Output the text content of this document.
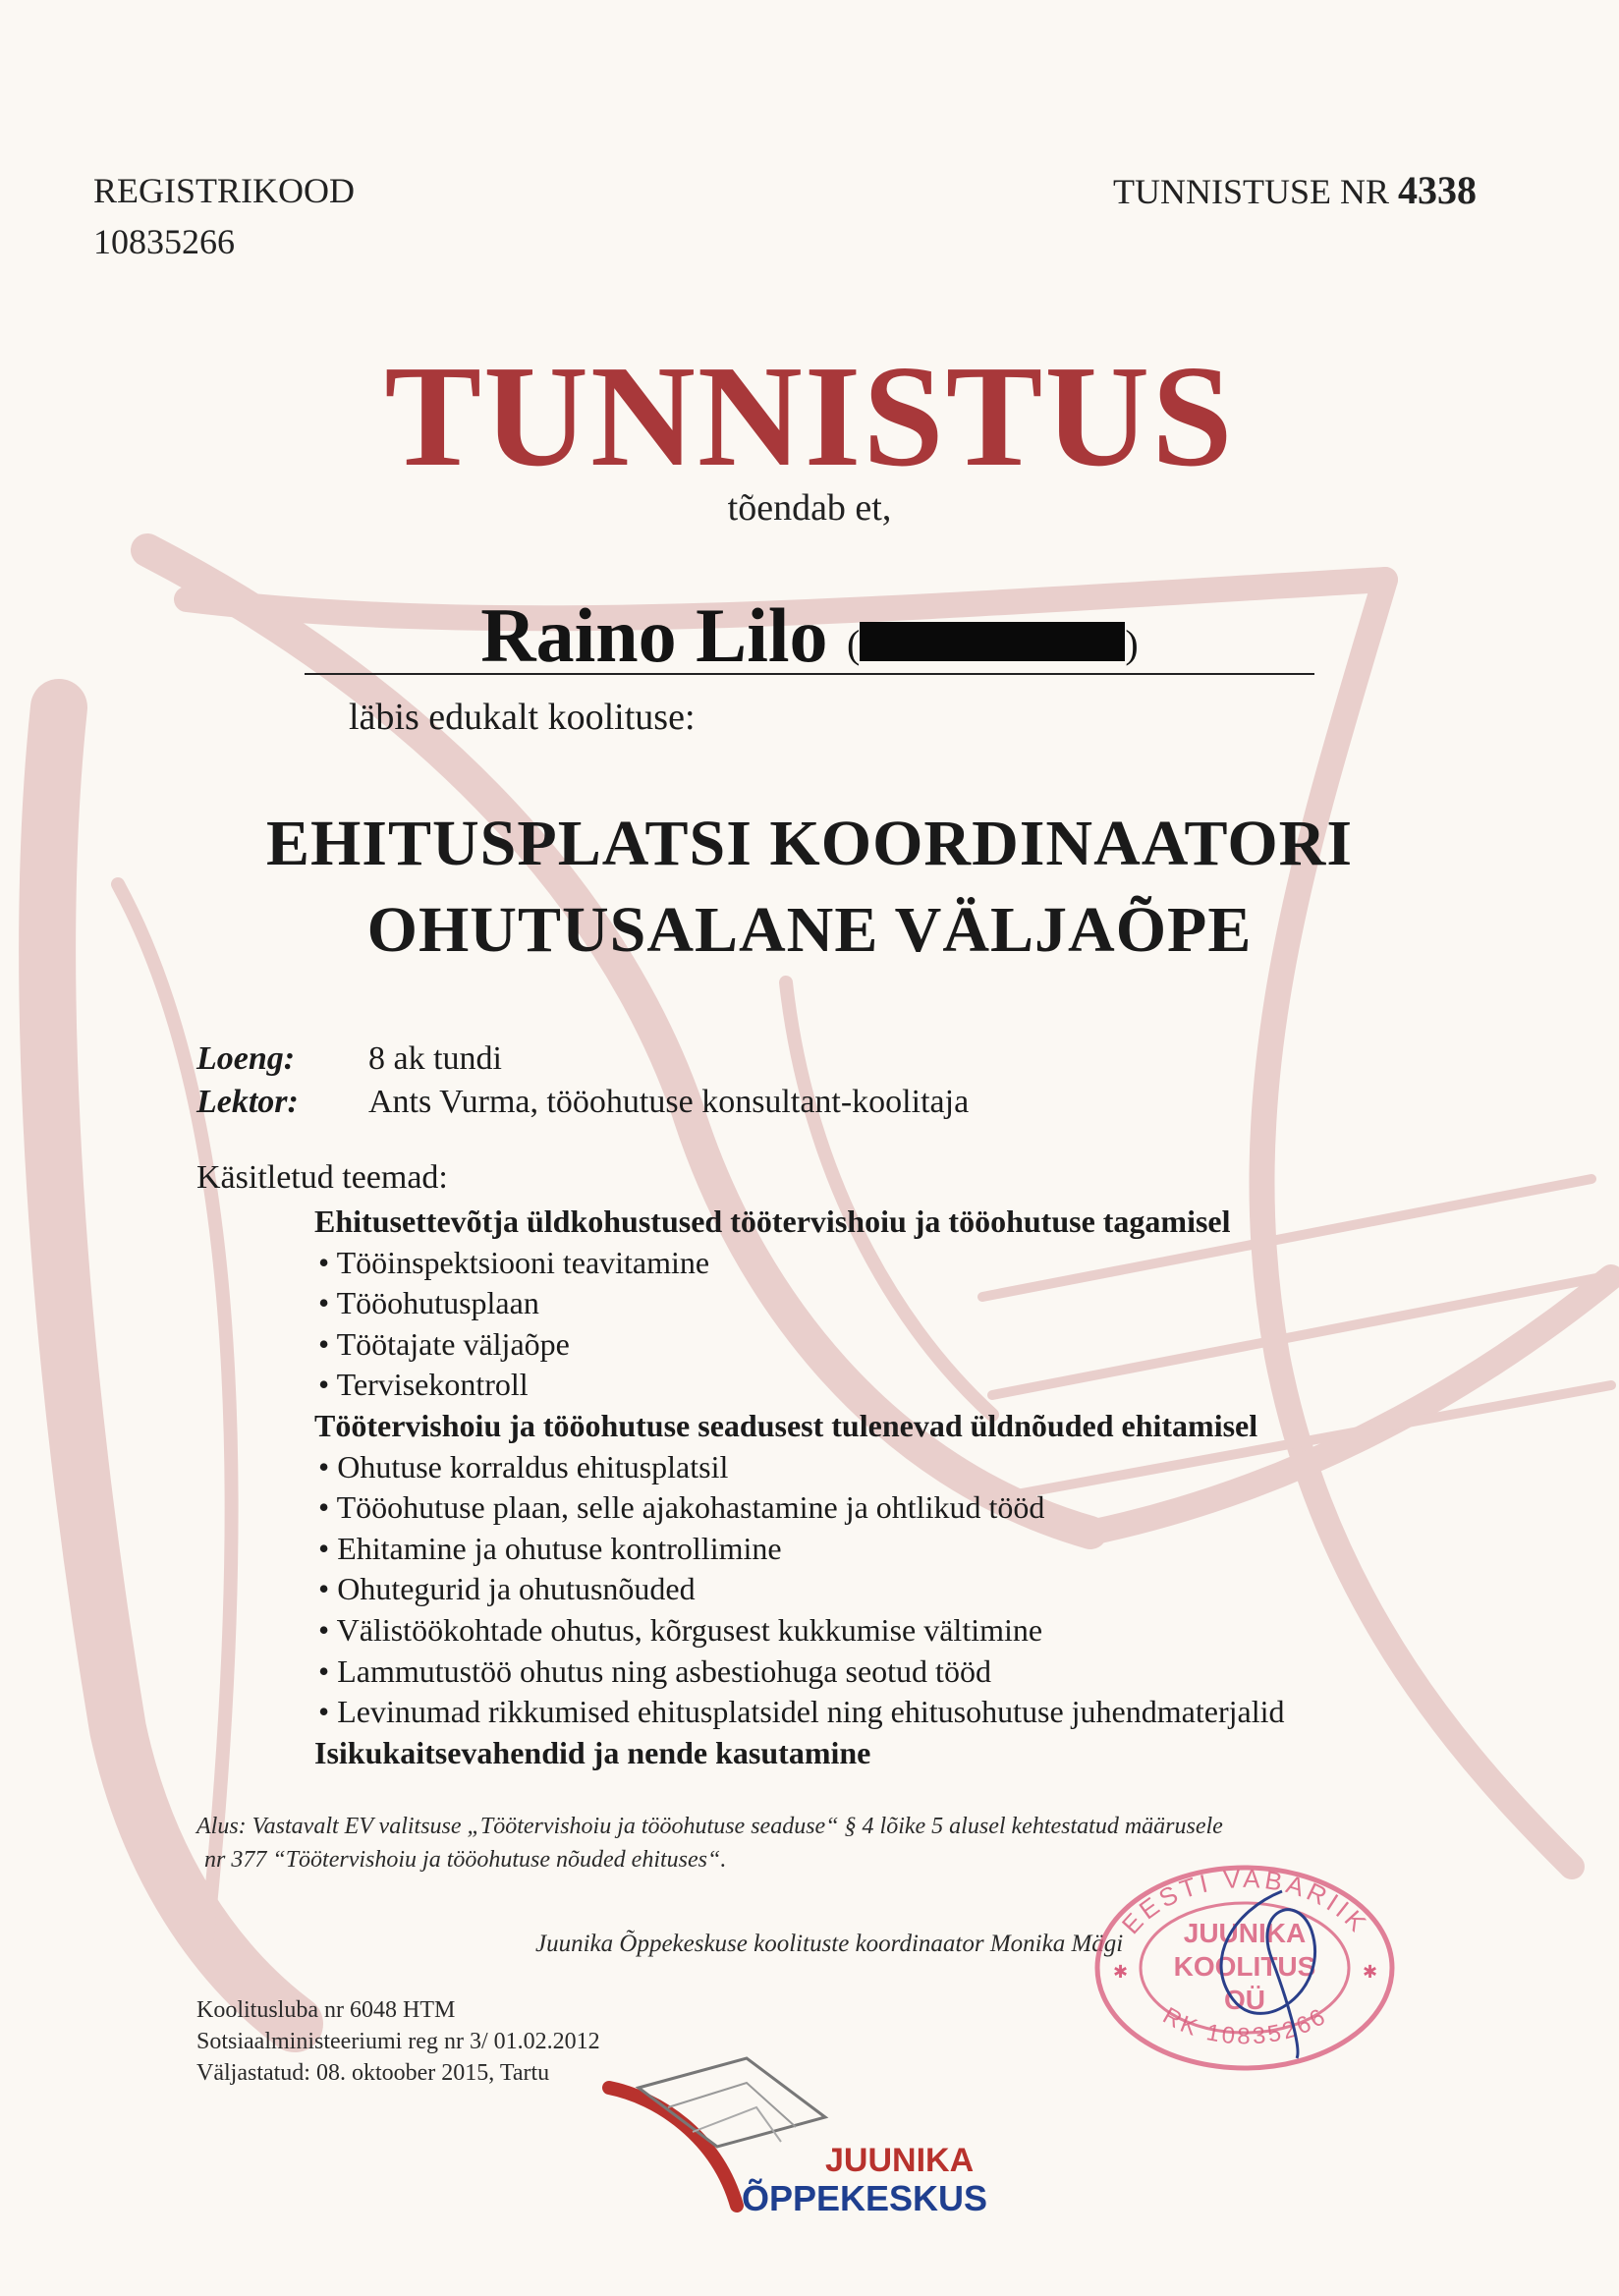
REGISTRIKOOD
10835266
TUNNISTUSE NR 4338
TUNNISTUS
tõendab et,
Raino Lilo (	)
läbis edukalt koolituse:
EHITUSPLATSI KOORDINAATORI
OHUTUSALANE VÄLJAÕPE
Loeng: 8 ak tundi
Lektor: Ants Vurma, tööohutuse konsultant-koolitaja
Käsitletud teemad:
Ehitusettevõtja üldkohustused töötervishoiu ja tööohutuse tagamisel
• Tööinspektsiooni teavitamine
• Tööohutusplaan
• Töötajate väljaõpe
• Tervisekontroll
Töötervishoiu ja tööohutuse seadusest tulenevad üldnõuded ehitamisel
• Ohutuse korraldus ehitusplatsil
• Tööohutuse plaan, selle ajakohastamine ja ohtlikud tööd
• Ehitamine ja ohutuse kontrollimine
• Ohutegurid ja ohutusnõuded
• Välistöökohtade ohutus, kõrgusest kukkumise vältimine
• Lammutustöö ohutus ning asbestiohuga seotud tööd
• Levinumad rikkumised ehitusplatsidel ning ehitusohutuse juhendmaterjalid
Isikukaitsevahendid ja nende kasutamine
Alus: Vastavalt EV valitsuse „Töötervishoiu ja tööohutuse seaduse“ § 4 lõike 5 alusel kehtestatud määrusele
nr 377 “Töötervishoiu ja tööohutuse nõuded ehituses“.
Juunika Õppekeskuse koolituste koordinaator Monika Mägi
EESTI VABARIIK
RK 10835266
JUUNIKA
KOOLITUS
OÜ
✱	✱
Koolitusluba nr 6048 HTM
Sotsiaalministeeriumi reg nr 3/ 01.02.2012
Väljastatud: 08. oktoober 2015, Tartu
JUUNIKA
ÕPPEKESKUS
